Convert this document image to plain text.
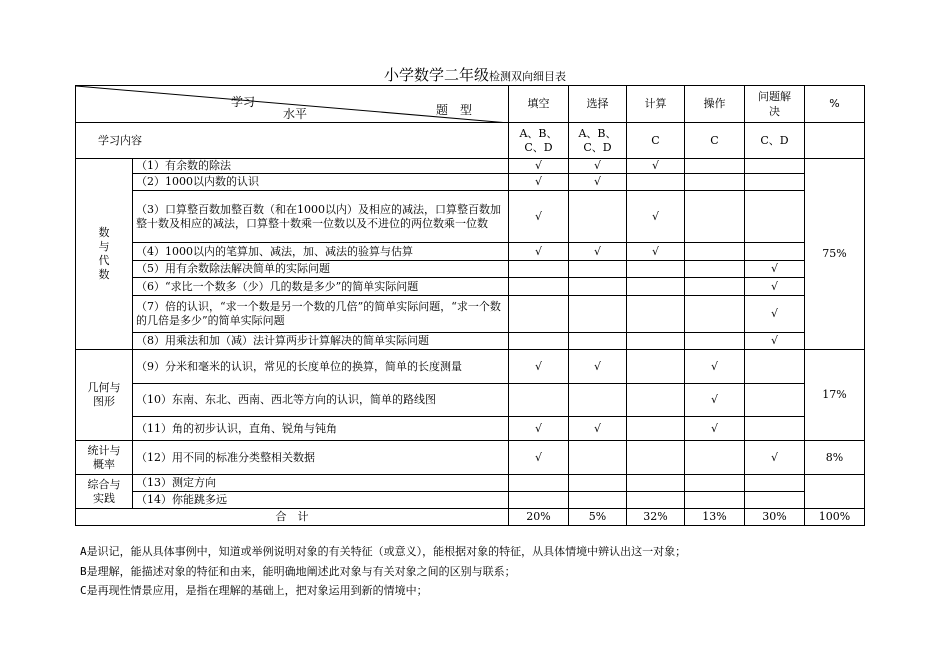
小学数学二年级检测双向细目表
学习
水平 题　型		填空	选择	计算	操作	问题解决	%
学习内容		A、B、C、D	A、B、C、D	C	C	C、D	
数与代数	（1）有余数的除法	√	√	√			75%
	（2）1000以内数的认识	√	√				
	（3）口算整百数加整百数（和在1000以内）及相应的减法，口算整百数加整十数及相应的减法，口算整十数乘一位数以及不进位的两位数乘一位数	√		√			
	（4）1000以内的笔算加、减法，加、减法的验算与估算	√	√	√			
	（5）用有余数除法解决简单的实际问题					√	
	（6）“求比一个数多（少）几的数是多少”的简单实际问题					√	
	（7）倍的认识，“求一个数是另一个数的几倍”的简单实际问题，“求一个数的几倍是多少”的简单实际问题					√	
	（8）用乘法和加（减）法计算两步计算解决的简单实际问题					√	
几何与图形	（9）分米和毫米的认识，常见的长度单位的换算，简单的长度测量	√	√		√		17%
	（10）东南、东北、西南、西北等方向的认识，简单的路线图				√		
	（11）角的初步认识，直角、锐角与钝角	√	√		√		
统计与概率	（12）用不同的标准分类整相关数据	√				√	8%
综合与实践	（13）测定方向						
	（14）你能跳多远						
合　计		20%	5%	32%	13%	30%	100%
A是识记，能从具体事例中，知道或举例说明对象的有关特征（或意义），能根据对象的特征，从具体情境中辨认出这一对象；
B是理解，能描述对象的特征和由来，能明确地阐述此对象与有关对象之间的区别与联系；
C是再现性情景应用，是指在理解的基础上，把对象运用到新的情境中；
